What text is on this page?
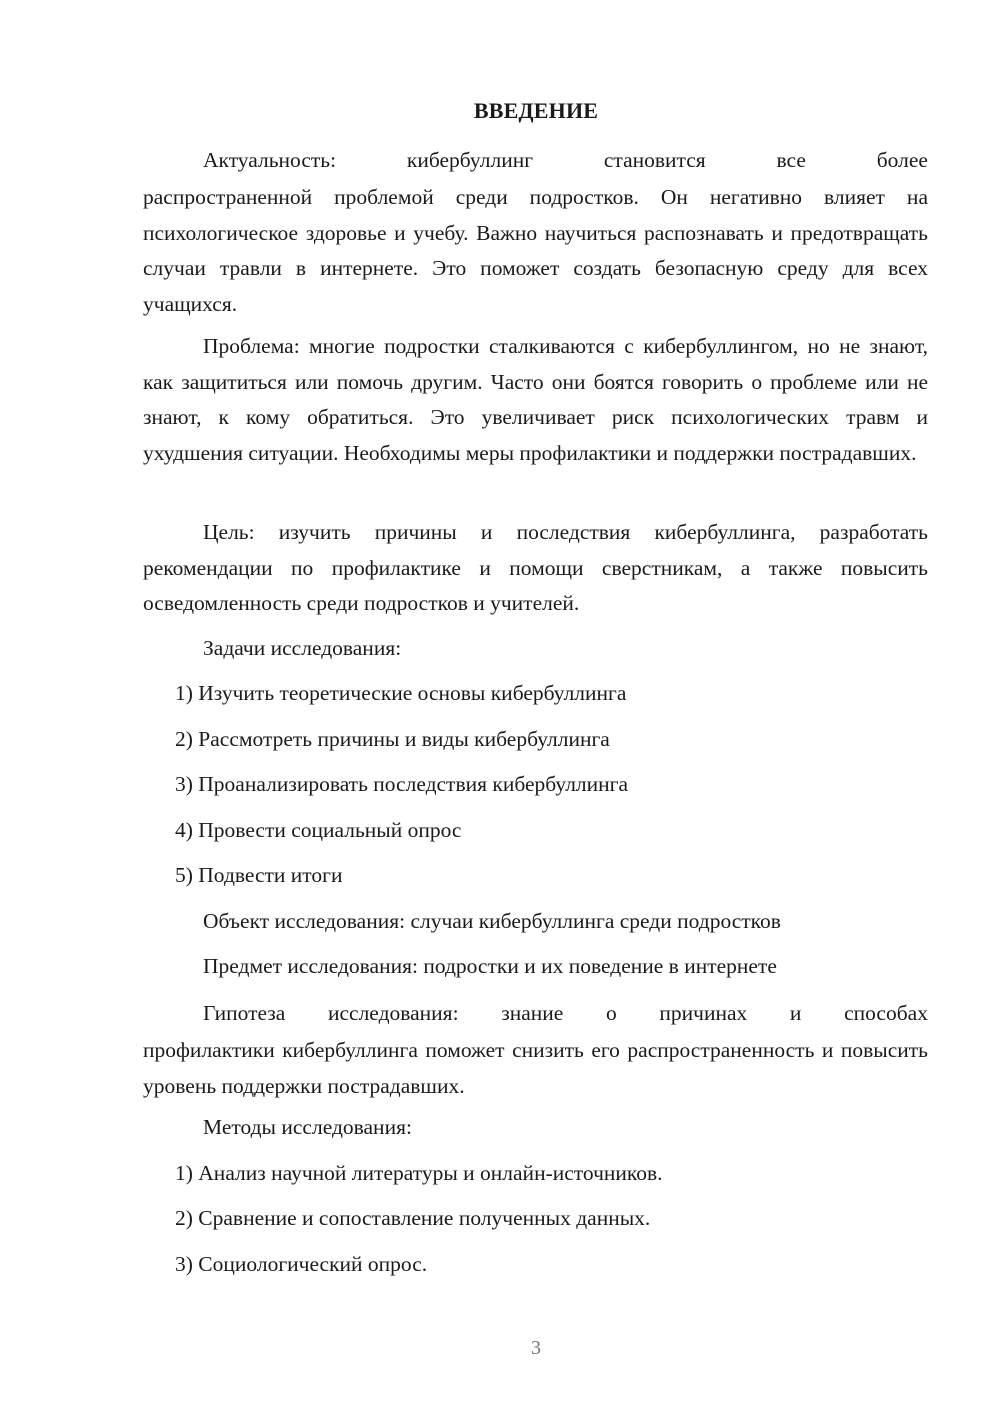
ВВЕДЕНИЕ
Актуальность:	кибербуллинг	становится	все	более

распространенной проблемой среди подростков. Он негативно влияет на психологическое здоровье и учебу. Важно научиться распознавать и предотвращать случаи травли в интернете. Это поможет создать безопасную среду для всех учащихся.

Проблема: многие подростки сталкиваются с кибербуллингом, но не знают, как защититься или помочь другим. Часто они боятся говорить о проблеме или не знают, к кому обратиться. Это увеличивает риск психологических травм и ухудшения ситуации. Необходимы меры профилактики и поддержки пострадавших.

Цель: изучить причины и последствия кибербуллинга, разработать рекомендации по профилактике и помощи сверстникам, а также повысить осведомленность среди подростков и учителей.

Задачи исследования:

1) Изучить теоретические основы кибербуллинга

2) Рассмотреть причины и виды кибербуллинга

3) Проанализировать последствия кибербуллинга

4) Провести социальный опрос

5) Подвести итоги

Объект исследования: случаи кибербуллинга среди подростков

Предмет исследования: подростки и их поведение в интернете

Гипотеза исследования: знание о причинах и способах

профилактики кибербуллинга поможет снизить его распространенность и повысить уровень поддержки пострадавших.

Методы исследования:

1) Анализ научной литературы и онлайн-источников.

2) Сравнение и сопоставление полученных данных.

3) Социологический опрос.

3
